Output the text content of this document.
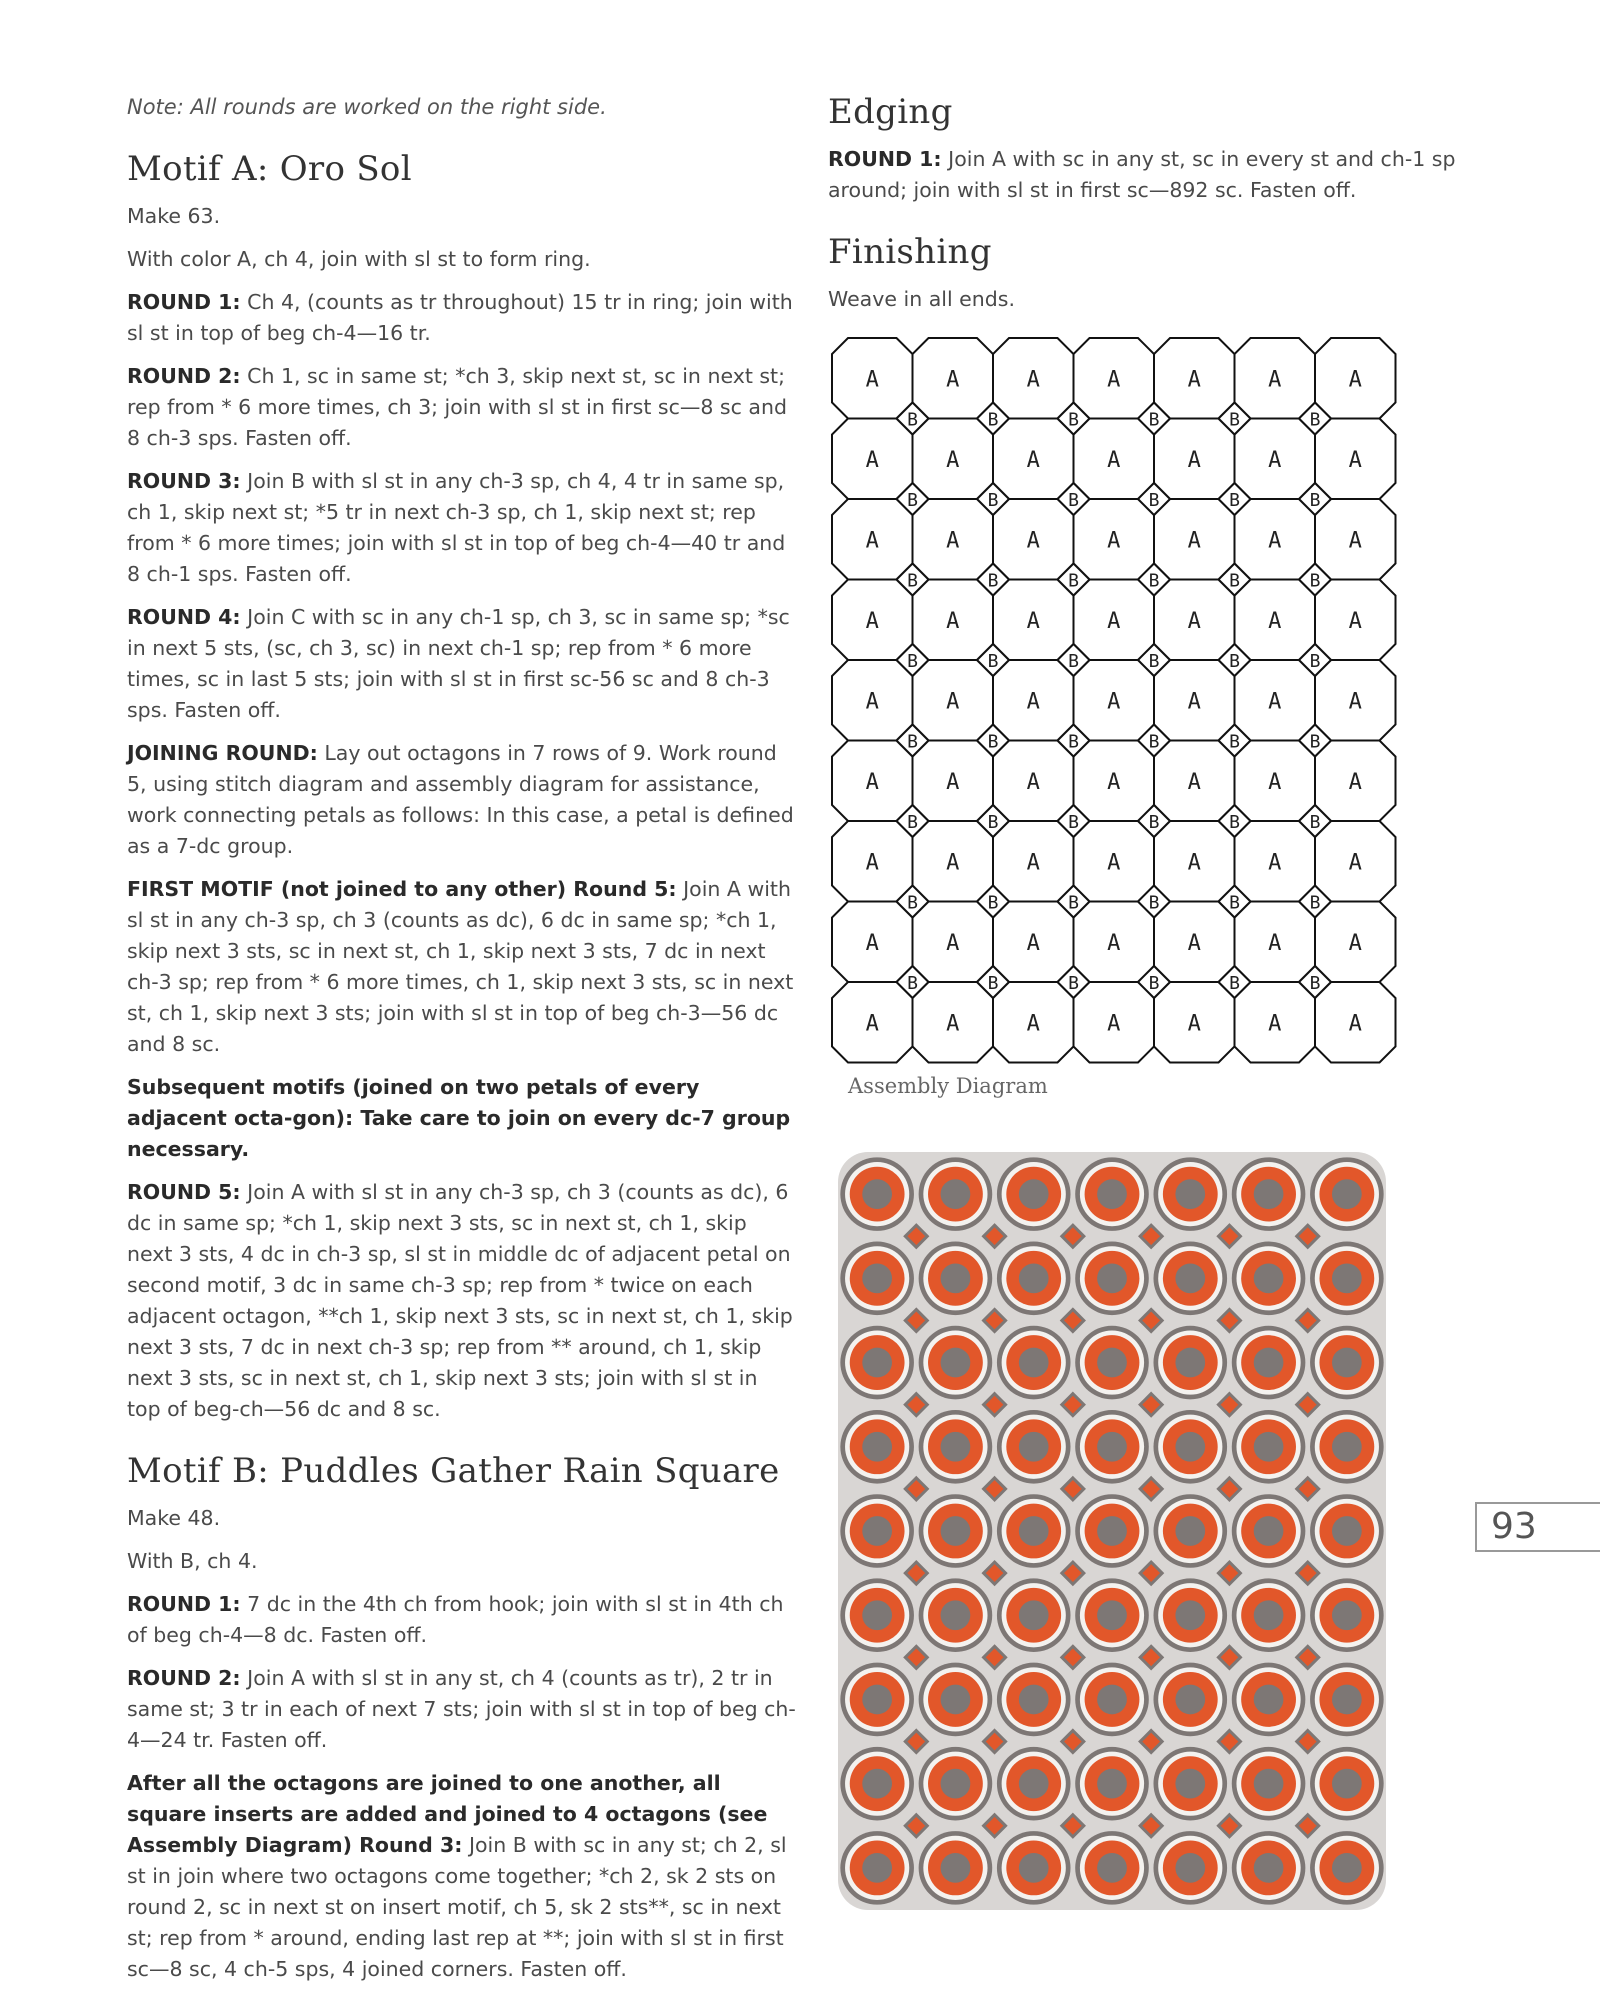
Note: All rounds are worked on the right side.

Motif A: Oro Sol

Make 63.

With color A, ch 4, join with sl st to form ring.

ROUND 1: Ch 4, (counts as tr throughout) 15 tr in ring; join with sl st in top of beg ch-4—16 tr.

ROUND 2: Ch 1, sc in same st; *ch 3, skip next st, sc in next st; rep from * 6 more times, ch 3; join with sl st in first sc—8 sc and 8 ch-3 sps. Fasten off.

ROUND 3: Join B with sl st in any ch-3 sp, ch 4, 4 tr in same sp, ch 1, skip next st; *5 tr in next ch-3 sp, ch 1, skip next st; rep from * 6 more times; join with sl st in top of beg ch-4—40 tr and 8 ch-1 sps. Fasten off.

ROUND 4: Join C with sc in any ch-1 sp, ch 3, sc in same sp; *sc in next 5 sts, (sc, ch 3, sc) in next ch-1 sp; rep from * 6 more times, sc in last 5 sts; join with sl st in first sc-56 sc and 8 ch-3 sps. Fasten off.

JOINING ROUND: Lay out octagons in 7 rows of 9. Work round 5, using stitch diagram and assembly diagram for assistance, work connecting petals as follows: In this case, a petal is defined as a 7-dc group.

FIRST MOTIF (not joined to any other) Round 5: Join A with sl st in any ch-3 sp, ch 3 (counts as dc), 6 dc in same sp; *ch 1, skip next 3 sts, sc in next st, ch 1, skip next 3 sts, 7 dc in next ch-3 sp; rep from * 6 more times, ch 1, skip next 3 sts, sc in next st, ch 1, skip next 3 sts; join with sl st in top of beg ch-3—56 dc and 8 sc.

Subsequent motifs (joined on two petals of every adjacent octa-gon): Take care to join on every dc-7 group necessary.

ROUND 5: Join A with sl st in any ch-3 sp, ch 3 (counts as dc), 6 dc in same sp; *ch 1, skip next 3 sts, sc in next st, ch 1, skip next 3 sts, 4 dc in ch-3 sp, sl st in middle dc of adjacent petal on second motif, 3 dc in same ch-3 sp; rep from * twice on each adjacent octagon, **ch 1, skip next 3 sts, sc in next st, ch 1, skip next 3 sts, 7 dc in next ch-3 sp; rep from ** around, ch 1, skip next 3 sts, sc in next st, ch 1, skip next 3 sts; join with sl st in top of beg-ch—56 dc and 8 sc.

Motif B: Puddles Gather Rain Square

Make 48.

With B, ch 4.

ROUND 1: 7 dc in the 4th ch from hook; join with sl st in 4th ch of beg ch-4—8 dc. Fasten off.

ROUND 2: Join A with sl st in any st, ch 4 (counts as tr), 2 tr in same st; 3 tr in each of next 7 sts; join with sl st in top of beg ch-4—24 tr. Fasten off.

After all the octagons are joined to one another, all square inserts are added and joined to 4 octagons (see Assembly Diagram) Round 3: Join B with sc in any st; ch 2, sl st in join where two octagons come together; *ch 2, sk 2 sts on round 2, sc in next st on insert motif, ch 5, sk 2 sts**, sc in next st; rep from * around, ending last rep at **; join with sl st in first sc—8 sc, 4 ch-5 sps, 4 joined corners. Fasten off.

Edging

ROUND 1: Join A with sc in any st, sc in every st and ch-1 sp around; join with sl st in first sc—892 sc. Fasten off.

Finishing

Weave in all ends.

A	A	A	A	A	A	A
A	A	A	A	A	A	A
A	A	A	A	A	A	A
A	A	A	A	A	A	A
A	A	A	A	A	A	A
A	A	A	A	A	A	A
A	A	A	A	A	A	A
A	A	A	A	A	A	A
A	A	A	A	A	A	A
B	B	B	B	B	B
B	B	B	B	B	B
B	B	B	B	B	B
B	B	B	B	B	B
B	B	B	B	B	B
B	B	B	B	B	B
B	B	B	B	B	B
B	B	B	B	B	B
Assembly Diagram
93
